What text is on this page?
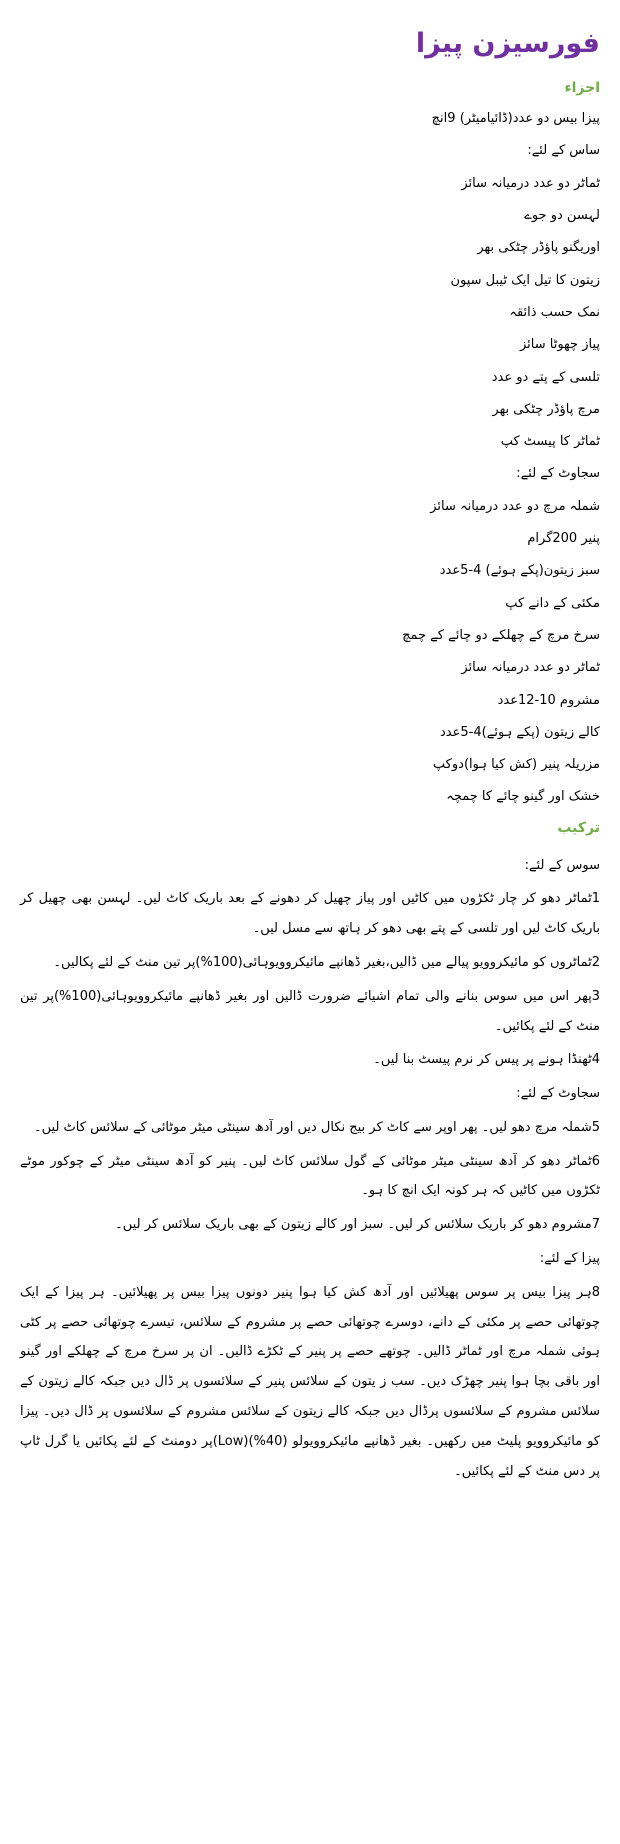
فورسیزن پیزا
اجزاء
پیزا بیس دو عدد(ڈائیامیٹر) 9انچ
ساس کے لئے:
ٹماٹر دو عدد درمیانہ سائز
لہسن دو جوے
اوریگنو پاؤڈر چٹکی بھر
زیتون کا تیل ایک ٹیبل سپون
نمک حسب ذائقہ
پیاز چھوٹا سائز
تلسی کے پتے دو عدد
مرچ پاؤڈر چٹکی بھر
ٹماٹر کا پیسٹ کپ
سجاوٹ کے لئے:
شملہ مرچ دو عدد درمیانہ سائز
پنیر 200گرام
سبز زیتون(پکے ہوئے) 4-5عدد
مکئی کے دانے کپ
سرخ مرچ کے چھلکے دو چائے کے چمچ
ٹماٹر دو عدد درمیانہ سائز
مشروم 10-12عدد
کالے زیتون (پکے ہوئے)4-5عدد
مزریلہ پنیر (کش کیا ہوا)دوکپ
خشک اور گینو چائے کا چمچہ
ترکیب

سوس کے لئے:

1ٹماٹر دھو کر چار ٹکڑوں میں کاٹیں اور پیاز چھیل کر دھونے کے بعد باریک کاٹ لیں۔ لہسن بھی چھیل کر باریک کاٹ لیں اور تلسی کے پتے بھی دھو کر ہاتھ سے مسل لیں۔

2ٹماٹروں کو مائیکروویو پیالے میں ڈالیں،بغیر ڈھانپے مائیکروویوہائی(100%)پر تین منٹ کے لئے پکالیں۔

3پھر اس میں سوس بنانے والی تمام اشیائے ضرورت ڈالیں اور بغیر ڈھانپے مائیکروویوہائی(100%)پر تین منٹ کے لئے پکائیں۔

4ٹھنڈا ہونے پر پیس کر نرم پیسٹ بنا لیں۔

سجاوٹ کے لئے:

5شملہ مرچ دھو لیں۔ پھر اوپر سے کاٹ کر بیج نکال دیں اور آدھ سینٹی میٹر موٹائی کے سلائس کاٹ لیں۔

6ٹماٹر دھو کر آدھ سینٹی میٹر موٹائی کے گول سلائس کاٹ لیں۔ پنیر کو آدھ سینٹی میٹر کے چوکور موٹے ٹکڑوں میں کاٹیں کہ ہر کونہ ایک انچ کا ہو۔

7مشروم دھو کر باریک سلائس کر لیں۔ سبز اور کالے زیتون کے بھی باریک سلائس کر لیں۔

پیزا کے لئے:

8ہر پیزا بیس پر سوس پھیلائیں اور آدھ کش کیا ہوا پنیر دونوں پیزا بیس پر پھیلائیں۔ ہر پیزا کے ایک چوتھائی حصے پر مکئی کے دانے، دوسرے چوتھائی حصے پر مشروم کے سلائس، تیسرے چوتھائی حصے پر کٹی ہوئی شملہ مرچ اور ٹماٹر ڈالیں۔ چوتھے حصے پر پنیر کے ٹکڑے ڈالیں۔ ان پر سرخ مرچ کے چھلکے اور گینو اور باقی بچا ہوا پنیر چھڑک دیں۔ سب ز یتون کے سلائس پنیر کے سلائسوں پر ڈال دیں جبکہ کالے زیتون کے سلائس مشروم کے سلائسوں پرڈال دیں جبکہ کالے زیتون کے سلائس مشروم کے سلائسوں پر ڈال دیں۔ پیزا کو مائیکروویو پلیٹ میں رکھیں۔ بغیر ڈھانپے مائیکروویولو (40%)(Low)پر دومنٹ کے لئے پکائیں یا گرل ٹاپ پر دس منٹ کے لئے پکائیں۔
